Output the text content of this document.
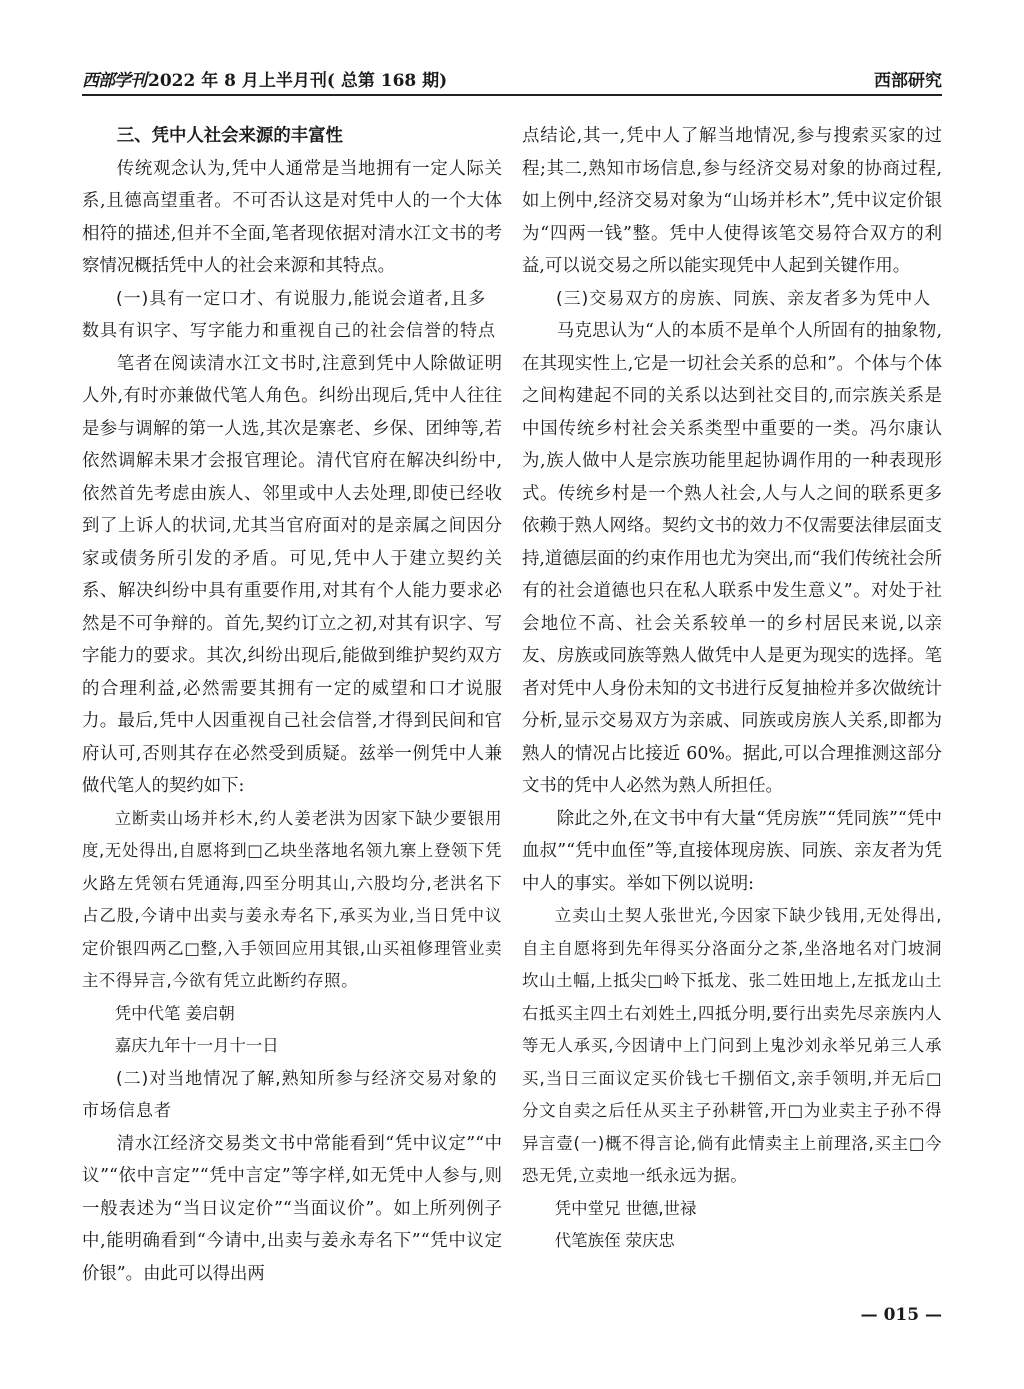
西部学刊 2022 年 8 月上半月刊( 总第 168 期)	西部研究

三、凭中人社会来源的丰富性

传统观念认为,凭中人通常是当地拥有一定人际关系,且德高望重者。不可否认这是对凭中人的一个大体相符的描述,但并不全面,笔者现依据对清水江文书的考察情况概括凭中人的社会来源和其特点。

(一)具有一定口才、有说服力,能说会道者,且多数具有识字、写字能力和重视自己的社会信誉的特点

笔者在阅读清水江文书时,注意到凭中人除做证明人外,有时亦兼做代笔人角色。纠纷出现后,凭中人往往是参与调解的第一人选,其次是寨老、乡保、团绅等,若依然调解未果才会报官理论。清代官府在解决纠纷中,依然首先考虑由族人、邻里或中人去处理,即使已经收到了上诉人的状词,尤其当官府面对的是亲属之间因分家或债务所引发的矛盾。可见,凭中人于建立契约关系、解决纠纷中具有重要作用,对其有个人能力要求必然是不可争辩的。首先,契约订立之初,对其有识字、写字能力的要求。其次,纠纷出现后,能做到维护契约双方的合理利益,必然需要其拥有一定的威望和口才说服力。最后,凭中人因重视自己社会信誉,才得到民间和官府认可,否则其存在必然受到质疑。兹举一例凭中人兼做代笔人的契约如下:

立断卖山场并杉木,约人姜老洪为因家下缺少要银用度,无处得出,自愿将到□乙块坐落地名领九寨上登领下凭火路左凭领右凭通海,四至分明其山,六股均分,老洪名下占乙股,今请中出卖与姜永寿名下,承买为业,当日凭中议定价银四两乙□整,入手领回应用其银,山买祖修理管业卖主不得异言,今欲有凭立此断约存照。

凭中代笔 姜启朝

嘉庆九年十一月十一日

(二)对当地情况了解,熟知所参与经济交易对象的市场信息者

清水江经济交易类文书中常能看到“凭中议定”“中议”“依中言定”“凭中言定”等字样,如无凭中人参与,则一般表述为“当日议定价”“当面议价”。如上所列例子中,能明确看到“今请中,出卖与姜永寿名下”“凭中议定价银”。由此可以得出两

点结论,其一,凭中人了解当地情况,参与搜索买家的过程;其二,熟知市场信息,参与经济交易对象的协商过程,如上例中,经济交易对象为“山场并杉木”,凭中议定价银为“四两一钱”整。凭中人使得该笔交易符合双方的利益,可以说交易之所以能实现凭中人起到关键作用。

(三)交易双方的房族、同族、亲友者多为凭中人

马克思认为“人的本质不是单个人所固有的抽象物,在其现实性上,它是一切社会关系的总和”。个体与个体之间构建起不同的关系以达到社交目的,而宗族关系是中国传统乡村社会关系类型中重要的一类。冯尔康认为,族人做中人是宗族功能里起协调作用的一种表现形式。传统乡村是一个熟人社会,人与人之间的联系更多依赖于熟人网络。契约文书的效力不仅需要法律层面支持,道德层面的约束作用也尤为突出,而“我们传统社会所有的社会道德也只在私人联系中发生意义”。对处于社会地位不高、社会关系较单一的乡村居民来说,以亲友、房族或同族等熟人做凭中人是更为现实的选择。笔者对凭中人身份未知的文书进行反复抽检并多次做统计分析,显示交易双方为亲戚、同族或房族人关系,即都为熟人的情况占比接近 60%。据此,可以合理推测这部分文书的凭中人必然为熟人所担任。

除此之外,在文书中有大量“凭房族”“凭同族”“凭中血叔”“凭中血侄”等,直接体现房族、同族、亲友者为凭中人的事实。举如下例以说明:

立卖山土契人张世光,今因家下缺少钱用,无处得出,自主自愿将到先年得买分洛面分之茶,坐洛地名对门坡洞坎山土幅,上抵尖□岭下抵龙、张二姓田地上,左抵龙山土右抵买主四土右刘姓土,四抵分明,要行出卖先尽亲族内人等无人承买,今因请中上门问到上鬼沙刘永举兄弟三人承买,当日三面议定买价钱七千捌佰文,亲手领明,并无后□分文自卖之后任从买主子孙耕管,开□为业卖主子孙不得异言壹(一)概不得言论,倘有此情卖主上前理洛,买主□今恐无凭,立卖地一纸永远为据。

凭中堂兄 世德,世禄

代笔族侄 荥庆忠

— 015 —
